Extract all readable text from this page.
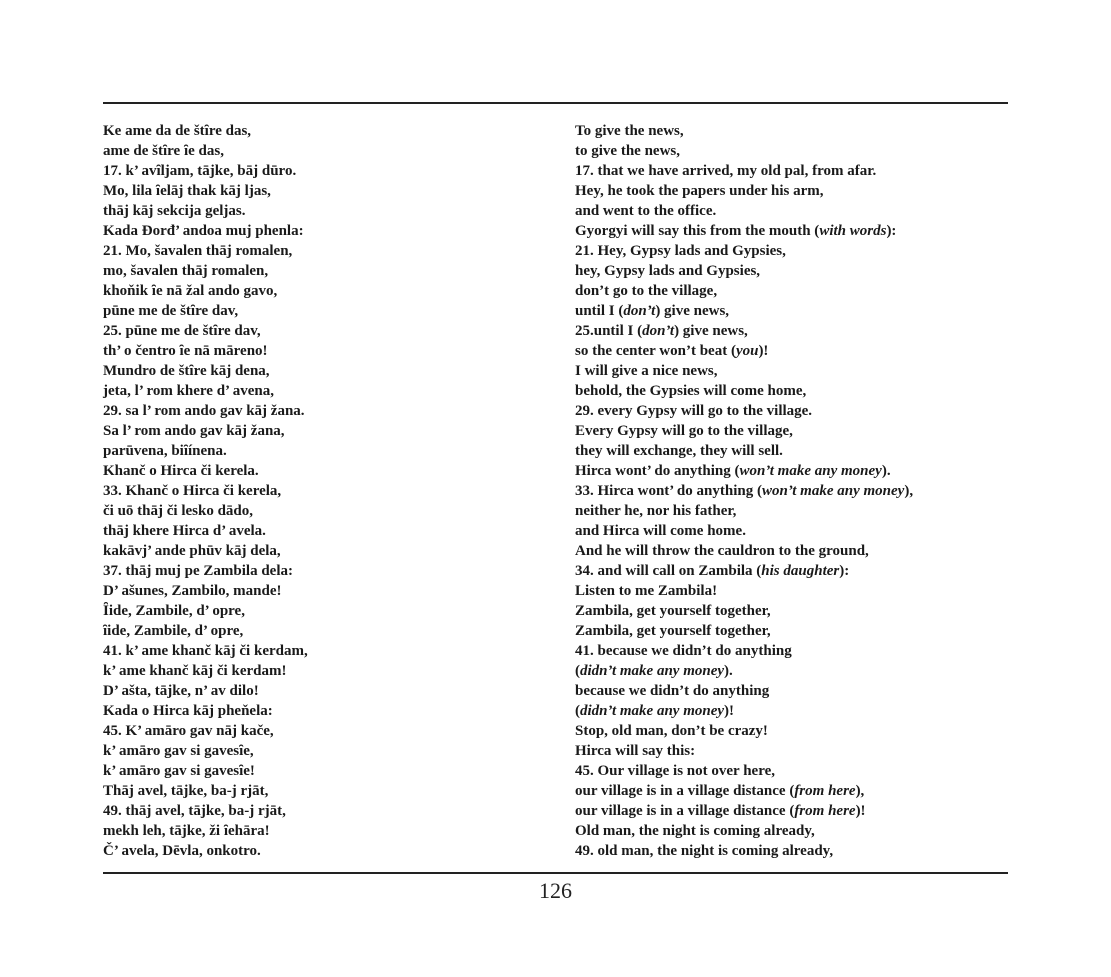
Ke ame da de štȋre das,
ame de štȋre ȋe das,
17. k’ avȋljam, tājke, bāj dūro.
Mo, lila ȋelāj thak kāj ljas,
thāj kāj sekcija geljas.
Kada Đorđ’ andoa muj phenla:
21. Mo, šavalen thāj romalen,
mo, šavalen thāj romalen,
khoňik ȋe nā žal ando gavo,
pūne me de štȋre dav,
25. pūne me de štȋre dav,
th’ o čentro ȋe nā māreno!
Mundro de štȋre kāj dena,
jeta, l’ rom khere d’ avena,
29. sa l’ rom ando gav kāj žana.
Sa l’ rom ando gav kāj žana,
parūvena, biȋínena.
Khanč o Hirca či kerela.
33. Khanč o Hirca či kerela,
či uō thāj či lesko dādo,
thāj khere Hirca d’ avela.
kakāvj’ ande phūv kāj dela,
37. thāj muj pe Zambila dela:
D’ ašunes, Zambilo, mande!
Ȋide, Zambile, d’ opre,
ȋide, Zambile, d’ opre,
41. k’ ame khanč kāj či kerdam,
k’ ame khanč kāj či kerdam!
D’ ašta, tājke, n’ av dilo!
Kada o Hirca kāj pheňela:
45. K’ amāro gav nāj kače,
k’ amāro gav si gavesȋe,
k’ amāro gav si gavesȋe!
Thāj avel, tājke, ba-j rjāt,
49. thāj avel, tājke, ba-j rjāt,
mekh leh, tājke, ži ȋehāra!
Č’ avela, Dēvla, onkotro.
To give the news,
to give the news,
17. that we have arrived, my old pal, from afar.
Hey, he took the papers under his arm,
and went to the office.
Gyorgyi will say this from the mouth (with words):
21. Hey, Gypsy lads and Gypsies,
hey, Gypsy lads and Gypsies,
don’t go to the village,
until I (don’t) give news,
25.until I (don’t) give news,
so the center won’t beat (you)!
I will give a nice news,
behold, the Gypsies will come home,
29. every Gypsy will go to the village.
Every Gypsy will go to the village,
they will exchange, they will sell.
Hirca wont’ do anything (won’t make any money).
33. Hirca wont’ do anything (won’t make any money),
neither he, nor his father,
and Hirca will come home.
And he will throw the cauldron to the ground,
34. and will call on Zambila (his daughter):
Listen to me Zambila!
Zambila, get yourself together,
Zambila, get yourself together,
41. because we didn’t do anything
(didn’t make any money).
because we didn’t do anything
(didn’t make any money)!
Stop, old man, don’t be crazy!
Hirca will say this:
45. Our village is not over here,
our village is in a village distance (from here),
our village is in a village distance (from here)!
Old man, the night is coming already,
49. old man, the night is coming already,
126
